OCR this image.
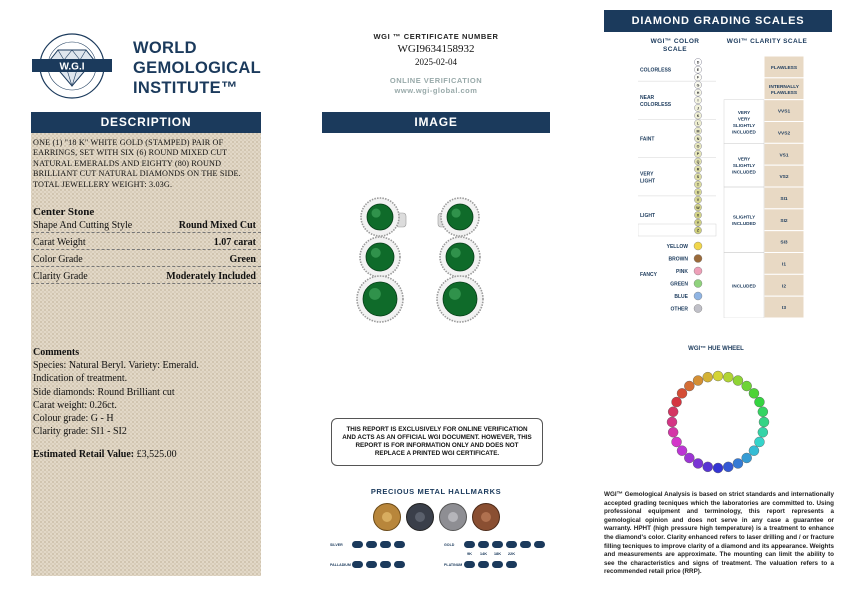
W.G.I
WORLD
GEMOLOGICAL
INSTITUTE™
DESCRIPTION
ONE (1) "18 K" WHITE GOLD (STAMPED) PAIR OF EARRINGS, SET WITH SIX (6) ROUND MIXED CUT NATURAL EMERALDS AND EIGHTY (80) ROUND BRILLIANT CUT NATURAL DIAMONDS ON THE SIDE. TOTAL JEWELLERY WEIGHT: 3.03G.
Center Stone
Shape And Cutting Style	Round Mixed Cut
Carat Weight	1.07 carat
Color Grade	Green
Clarity Grade	Moderately Included
Comments
Species: Natural Beryl. Variety: Emerald.
Indication of treatment.
Side diamonds: Round Brilliant cut
Carat weight: 0.26ct.
Colour grade: G - H
Clarity grade: SI1 - SI2
Estimated Retail Value: £3,525.00
WGI ™ CERTIFICATE NUMBER
WGI9634158932
2025-02-04
ONLINE VERIFICATION
www.wgi-global.com
IMAGE
THIS REPORT IS EXCLUSIVELY FOR ONLINE VERIFICATION AND ACTS AS AN OFFICIAL WGI DOCUMENT. HOWEVER, THIS REPORT IS FOR INFORMATION ONLY AND DOES NOT REPLACE A PRINTED WGI CERTIFICATE.
PRECIOUS METAL HALLMARKS
SILVER
PALLADIUM
GOLD
PLATINUM
9K 14K 18K 22K
DIAMOND GRADING SCALES
WGI™ COLOR SCALE
WGI™ CLARITY SCALE
D
E
F
G
H
I
J
K
L
M
N
O
P
Q
R
S
T
U
V
W
X
Y
Z
COLORLESS
NEAR
COLORLESS
FAINT
VERY
LIGHT
LIGHT
FANCY
YELLOW
BROWN
PINK
GREEN
BLUE
OTHER
FLAWLESS
INTERNALLY
FLAWLESS
VVS1
VVS2
VS1
VS2
SI1
SI2
SI3
I1
I2
I3
VERY
VERY
SLIGHTLY
INCLUDED
VERY
SLIGHTLY
INCLUDED
SLIGHTLY
INCLUDED
INCLUDED
WGI™ HUE WHEEL
WGI™ Gemological Analysis is based on strict standards and internationally accepted grading tecniques which the laboratories are committed to. Using professional equipment and terminology, this report represents a gemological opinion and does not serve in any case a guarantee or warranty. HPHT (high pressure high temperature) is a treatment to enhance the diamond's color. Clarity enhanced refers to laser drilling and / or fracture filling tecniques to improve clarity of a diamond and its appearance. Weights and measurements are approximate. The mounting can limit the ability to see the characteristics and signs of treatment. The valuation refers to a recommended retail price (RRP).
